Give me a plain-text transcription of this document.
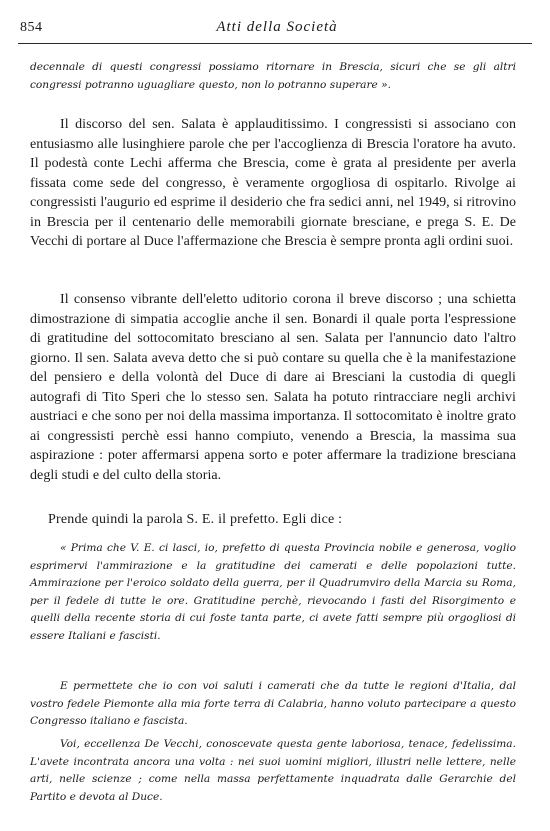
854	Atti della Società

decennale di questi congressi possiamo ritornare in Brescia, sicuri che se gli altri congressi potranno uguagliare questo, non lo potranno superare ».

Il discorso del sen. Salata è applauditissimo. I congressisti si associano con entusiasmo alle lusinghiere parole che per l'accoglienza di Brescia l'oratore ha avuto. Il podestà conte Lechi afferma che Brescia, come è grata al presidente per averla fissata come sede del congresso, è veramente orgogliosa di ospitarlo. Rivolge ai congressisti l'augurio ed esprime il desiderio che fra sedici anni, nel 1949, si ritrovino in Brescia per il centenario delle memorabili giornate bresciane, e prega S. E. De Vecchi di portare al Duce l'affermazione che Brescia è sempre pronta agli ordini suoi.

Il consenso vibrante dell'eletto uditorio corona il breve discorso ; una schietta dimostrazione di simpatia accoglie anche il sen. Bonardi il quale porta l'espressione di gratitudine del sottocomitato bresciano al sen. Salata per l'annuncio dato l'altro giorno. Il sen. Salata aveva detto che si può contare su quella che è la manifestazione del pensiero e della volontà del Duce di dare ai Bresciani la custodia di quegli autografi di Tito Speri che lo stesso sen. Salata ha potuto rintracciare negli archivi austriaci e che sono per noi della massima importanza. Il sottocomitato è inoltre grato ai congressisti perchè essi hanno compiuto, venendo a Brescia, la massima sua aspirazione : poter affermarsi appena sorto e poter affermare la tradizione bresciana degli studi e del culto della storia.

Prende quindi la parola S. E. il prefetto. Egli dice :

« Prima che V. E. ci lasci, io, prefetto di questa Provincia nobile e generosa, voglio esprimervi l'ammirazione e la gratitudine dei camerati e delle popolazioni tutte. Ammirazione per l'eroico soldato della guerra, per il Quadrumviro della Marcia su Roma, per il fedele di tutte le ore. Gratitudine perchè, rievocando i fasti del Risorgimento e quelli della recente storia di cui foste tanta parte, ci avete fatti sempre più orgogliosi di essere Italiani e fascisti.

E permettete che io con voi saluti i camerati che da tutte le regioni d'Italia, dal vostro fedele Piemonte alla mia forte terra di Calabria, hanno voluto partecipare a questo Congresso italiano e fascista.

Voi, eccellenza De Vecchi, conoscevate questa gente laboriosa, tenace, fedelissima. L'avete incontrata ancora una volta : nei suoi uomini migliori, illustri nelle lettere, nelle arti, nelle scienze ; come nella massa perfettamente inquadrata dalle Gerarchie del Partito e devota al Duce.
